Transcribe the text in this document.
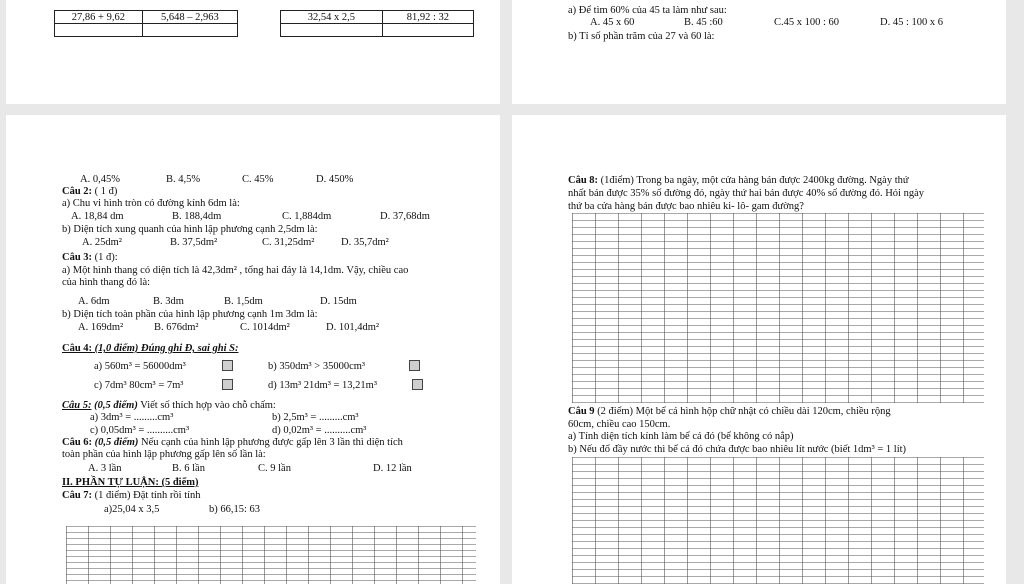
27,86 + 9,62	5,648 – 2,963
		32,54 x 2,5	81,92 : 32

a) Để tìm 60% của 45 ta làm như sau:
A. 45 x 60	B. 45 :60	C.45 x 100 : 60	D. 45 : 100 x 6
b) Tỉ số phần trăm của 27 và 60 là:
A. 0,45%	B. 4,5%	C. 45%	D. 450%
Câu 2: ( 1 đ)
a) Chu vi hình tròn có đường kính 6dm là:
A. 18,84 dm	B. 188,4dm	C. 1,884dm	D. 37,68dm
b) Diện tích xung quanh của hình lập phương cạnh 2,5dm là:
A. 25dm²	B. 37,5dm²	C. 31,25dm²	D. 35,7dm²
Câu 3: (1 đ):
a) Một hình thang có diện tích là 42,3dm² , tổng hai đáy là 14,1dm. Vậy, chiều cao
của hình thang đó là:
A. 6dm	B. 3dm	B. 1,5dm	D. 15dm
b) Diện tích toàn phần của hình lập phương cạnh 1m 3dm là:
A. 169dm²	B. 676dm²	C. 1014dm²	D. 101,4dm²
Câu 4: (1,0 điểm) Đúng ghi Đ, sai ghi S:
a) 560m³ = 56000dm³	b) 350dm³ > 35000cm³
c) 7dm³ 80cm³ = 7m³	d) 13m³ 21dm³ = 13,21m³
Câu 5: (0,5 điểm) Viết số thích hợp vào chỗ chấm:
a) 3dm³ = .........cm³	b) 2,5m³ = .........cm³
c) 0,05dm³ = ..........cm³	d) 0,02m³ = ..........cm³
Câu 6: (0,5 điểm) Nếu cạnh của hình lập phương được gấp lên 3 lần thì diện tích
toàn phần của hình lập phương gấp lên số lần là:
A. 3 lần	B. 6 lần	C. 9 lần	D. 12 lần
II. PHẦN TỰ LUẬN: (5 điểm)
Câu 7: (1 điểm) Đặt tính rồi tính
a)25,04 x 3,5	b) 66,15: 63
Câu 8: (1điểm) Trong ba ngày, một cửa hàng bán được 2400kg đường. Ngày thứ
nhất bán được 35% số đường đó, ngày thứ hai bán được 40% số đường đó. Hỏi ngày
thứ ba cửa hàng bán được bao nhiêu ki- lô- gam đường?
Câu 9 (2 điểm) Một bể cá hình hộp chữ nhật có chiều dài 120cm, chiều rộng
60cm, chiều cao 150cm.
a) Tính diện tích kính làm bể cá đó (bể không có nắp)
b) Nếu đổ đầy nước thì bể cá đó chứa được bao nhiêu lít nước (biết 1dm³ = 1 lít)
